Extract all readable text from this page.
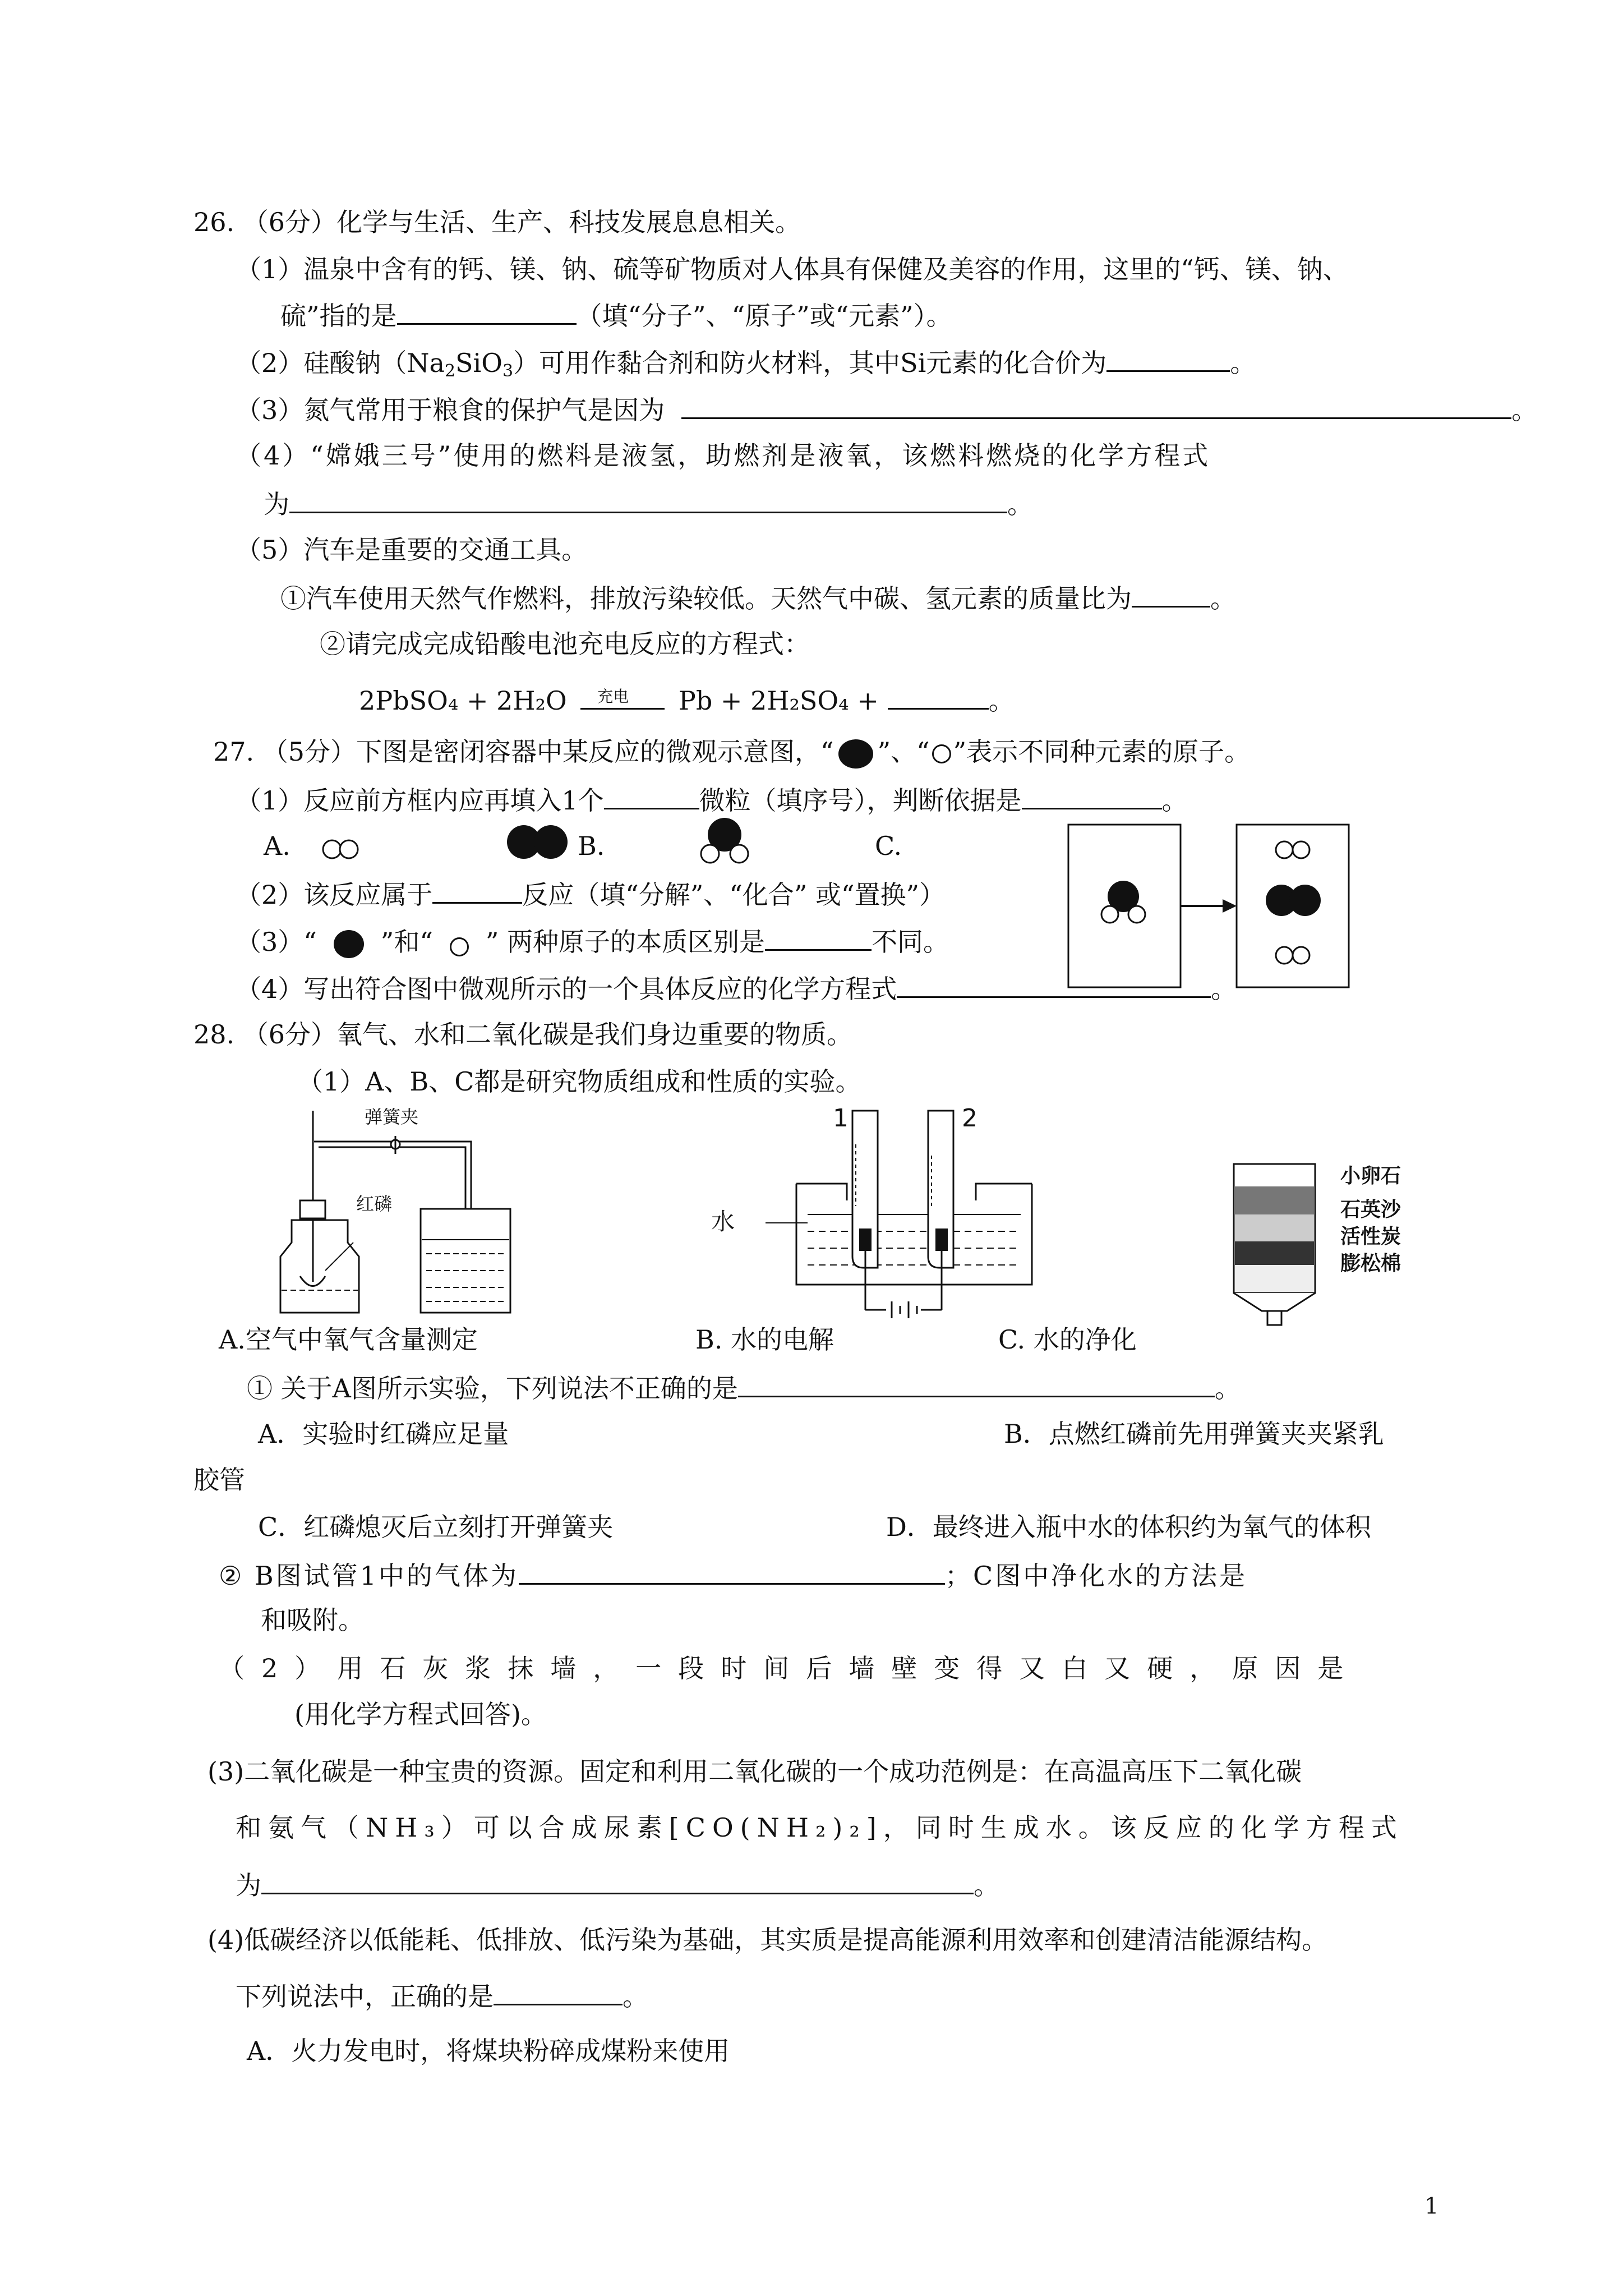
26. （6分）化学与生活、生产、科技发展息息相关。
（1）温泉中含有的钙、镁、钠、硫等矿物质对人体具有保健及美容的作用，这里的“钙、镁、钠、
硫”指的是	（填“分子”、“原子”或“元素”）。
（2）硅酸钠$(Na_2SiO_3)$可用作黏合剂和防火材料，其中Si元素的化合价为	。
（3）氮气常用于粮食的保护气是因为	。
（4）“嫦娥三号”使用的燃料是液氢，助燃剂是液氧，该燃料燃烧的化学方程式
为	。
（5）汽车是重要的交通工具。
①汽车使用天然气作燃料，排放污染较低。天然气中碳、氢元素的质量比为	。
②请完成完成铅酸电池充电反应的方程式：
2PbSO₄ + 2H₂O 充电 Pb + 2H₂SO₄ +	。
27. （5分）下图是密闭容器中某反应的微观示意图，“ ”、“ ”表示不同种元素的原子。
（1）反应前方框内应再填入1个	微粒（填序号），判断依据是	。
A.	B.	C.
（2）该反应属于	反应（填“分解”、“化合” 或“置换”）
（3）“ ”和“ ” 两种原子的本质区别是	不同。
（4）写出符合图中微观所示的一个具体反应的化学方程式	。
28. （6分）氧气、水和二氧化碳是我们身边重要的物质。
（1）A、B、C都是研究物质组成和性质的实验。
弹簧夹
红磷
1	2
水
小卵石
石英沙
活性炭
膨松棉
A.空气中氧气含量测定	B. 水的电解	C. 水的净化
① 关于A图所示实验，下列说法不正确的是	。
A．实验时红磷应足量	B．点燃红磷前先用弹簧夹夹紧乳
胶管
C．红磷熄灭后立刻打开弹簧夹	D．最终进入瓶中水的体积约为氧气的体积
② B图试管1中的气体为	；C图中净化水的方法是
和吸附。
（2）用石灰浆抹墙，一段时间后墙壁变得又白又硬，原因是
(用化学方程式回答)。
(3)二氧化碳是一种宝贵的资源。固定和利用二氧化碳的一个成功范例是：在高温高压下二氧化碳
和氨气（NH₃）可以合成尿素[CO(NH₂)₂]，同时生成水。该反应的化学方程式
为	。
(4)低碳经济以低能耗、低排放、低污染为基础，其实质是提高能源利用效率和创建清洁能源结构。
下列说法中，正确的是	。
A．火力发电时，将煤块粉碎成煤粉来使用
1
